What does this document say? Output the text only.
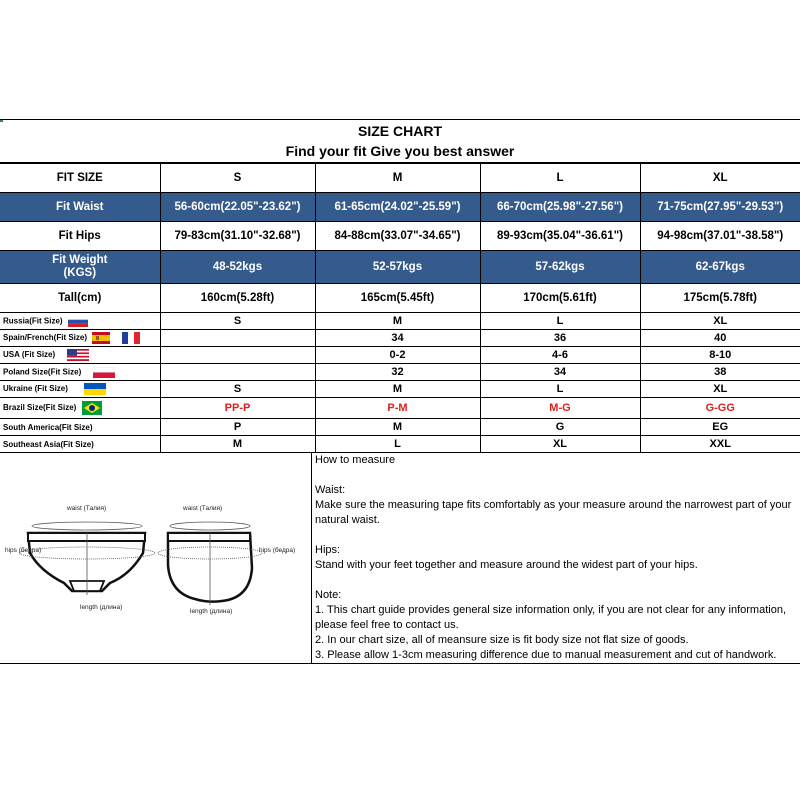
SIZE CHART
Find your fit Give you best answer
FIT SIZE	S	M	L	XL
Fit Waist	56-60cm(22.05"-23.62")	61-65cm(24.02"-25.59")	66-70cm(25.98"-27.56")	71-75cm(27.95"-29.53")
Fit Hips	79-83cm(31.10"-32.68")	84-88cm(33.07"-34.65")	89-93cm(35.04"-36.61")	94-98cm(37.01"-38.58")

Fit Weight
(KGS)	48-52kgs	52-57kgs	57-62kgs	62-67kgs
Tall(cm)	160cm(5.28ft)	165cm(5.45ft)	170cm(5.61ft)	175cm(5.78ft)
Russia(Fit Size)	S	M	L	XL
Spain/French(Fit Size)		34	36	40
USA (Fit Size)		0-2	4-6	8-10
Poland Size(Fit Size)		32	34	38
Ukraine (Fit Size)	S	M	L	XL
Brazil Size(Fit Size)	PP-P	P-M	M-G	G-GG
South America(Fit Size)	P	M	G	EG
Southeast Asia(Fit Size)	M	L	XL	XXL
waist (Талия)
hips (бедра)
length (длина)
waist (Талия)
hips (бедра)
length (длина)

How to measure

Waist:

Make sure the measuring tape fits comfortably as your measure around the narrowest part of your

natural waist.

Hips:

Stand with your feet together and measure around the widest part of your hips.

Note:

1. This chart guide provides general size information only, if you are not clear for any information,

please feel free to contact us.

2. In our chart size, all of meansure size is fit body size not flat size of goods.

3. Please allow 1-3cm measuring difference due to manual measurement and cut of handwork.
